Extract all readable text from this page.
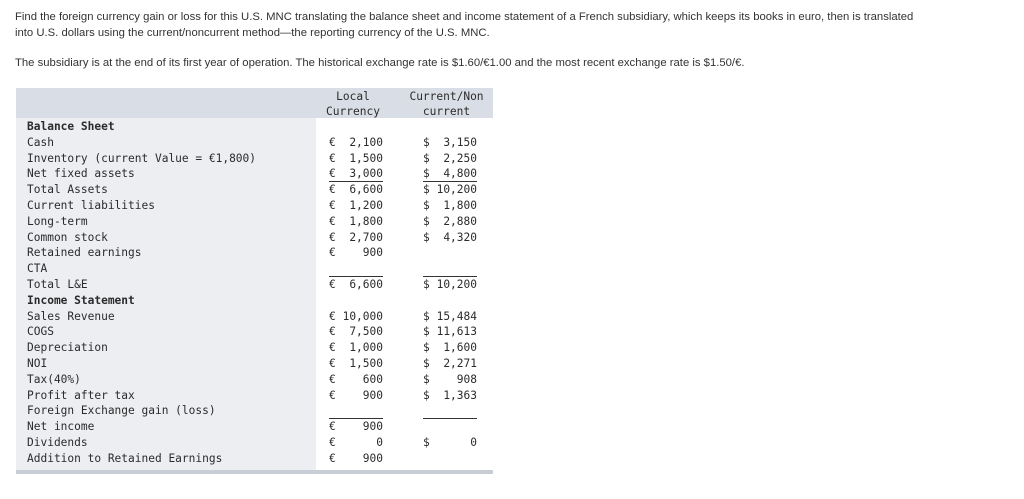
Find the foreign currency gain or loss for this U.S. MNC translating the balance sheet and income statement of a French subsidiary, which keeps its books in euro, then is translated
into U.S. dollars using the current/noncurrent method—the reporting currency of the U.S. MNC.
The subsidiary is at the end of its first year of operation. The historical exchange rate is $1.60/€1.00 and the most recent exchange rate is $1.50/€.
Local
Currency
Current/Non
current
Balance Sheet
Cash	€ 2,100	$ 3,150
Inventory (current Value = €1,800)	€ 1,500	$ 2,250
Net fixed assets	€ 3,000	$ 4,800
Total Assets	€ 6,600	$ 10,200
Current liabilities	€ 1,200	$ 1,800
Long-term	€ 1,800	$ 2,880
Common stock	€ 2,700	$ 4,320
Retained earnings	€ 900
CTA
Total L&E	€ 6,600	$ 10,200
Income Statement
Sales Revenue	€ 10,000	$ 15,484
COGS	€ 7,500	$ 11,613
Depreciation	€ 1,000	$ 1,600
NOI	€ 1,500	$ 2,271
Tax(40%)	€ 600	$ 908
Profit after tax	€ 900	$ 1,363
Foreign Exchange gain (loss)
Net income	€ 900
Dividends	€	0	$	0
Addition to Retained Earnings	€ 900
